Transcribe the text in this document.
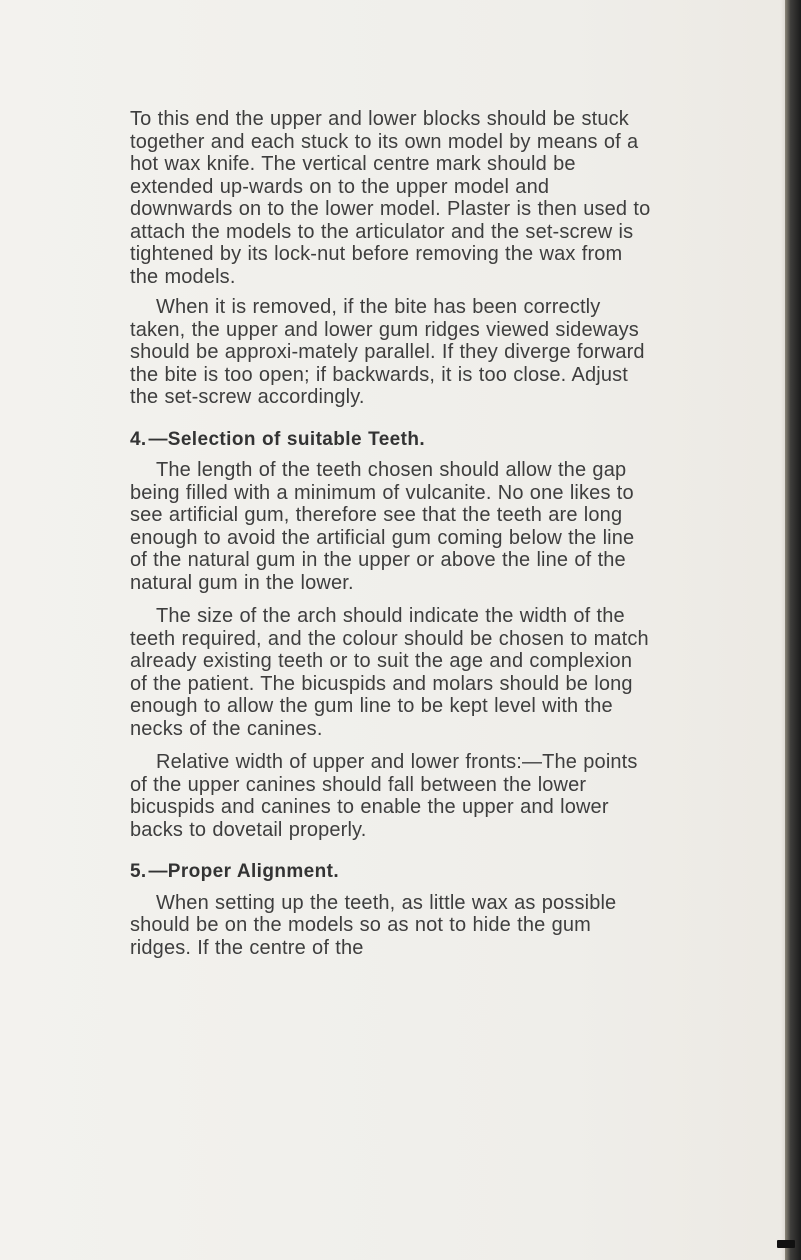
To this end the upper and lower blocks should be stuck together and each stuck to its own model by means of a hot wax knife. The vertical centre mark should be extended up-wards on to the upper model and downwards on to the lower model. Plaster is then used to attach the models to the articulator and the set-screw is tightened by its lock-nut before removing the wax from the models.

When it is removed, if the bite has been correctly taken, the upper and lower gum ridges viewed sideways should be approxi-mately parallel. If they diverge forward the bite is too open; if backwards, it is too close. Adjust the set-screw accordingly.

4. —Selection of suitable Teeth.

The length of the teeth chosen should allow the gap being filled with a minimum of vulcanite. No one likes to see artificial gum, therefore see that the teeth are long enough to avoid the artificial gum coming below the line of the natural gum in the upper or above the line of the natural gum in the lower.

The size of the arch should indicate the width of the teeth required, and the colour should be chosen to match already existing teeth or to suit the age and complexion of the patient. The bicuspids and molars should be long enough to allow the gum line to be kept level with the necks of the canines.

Relative width of upper and lower fronts:—The points of the upper canines should fall between the lower bicuspids and canines to enable the upper and lower backs to dovetail properly.

5. —Proper Alignment.

When setting up the teeth, as little wax as possible should be on the models so as not to hide the gum ridges. If the centre of the
